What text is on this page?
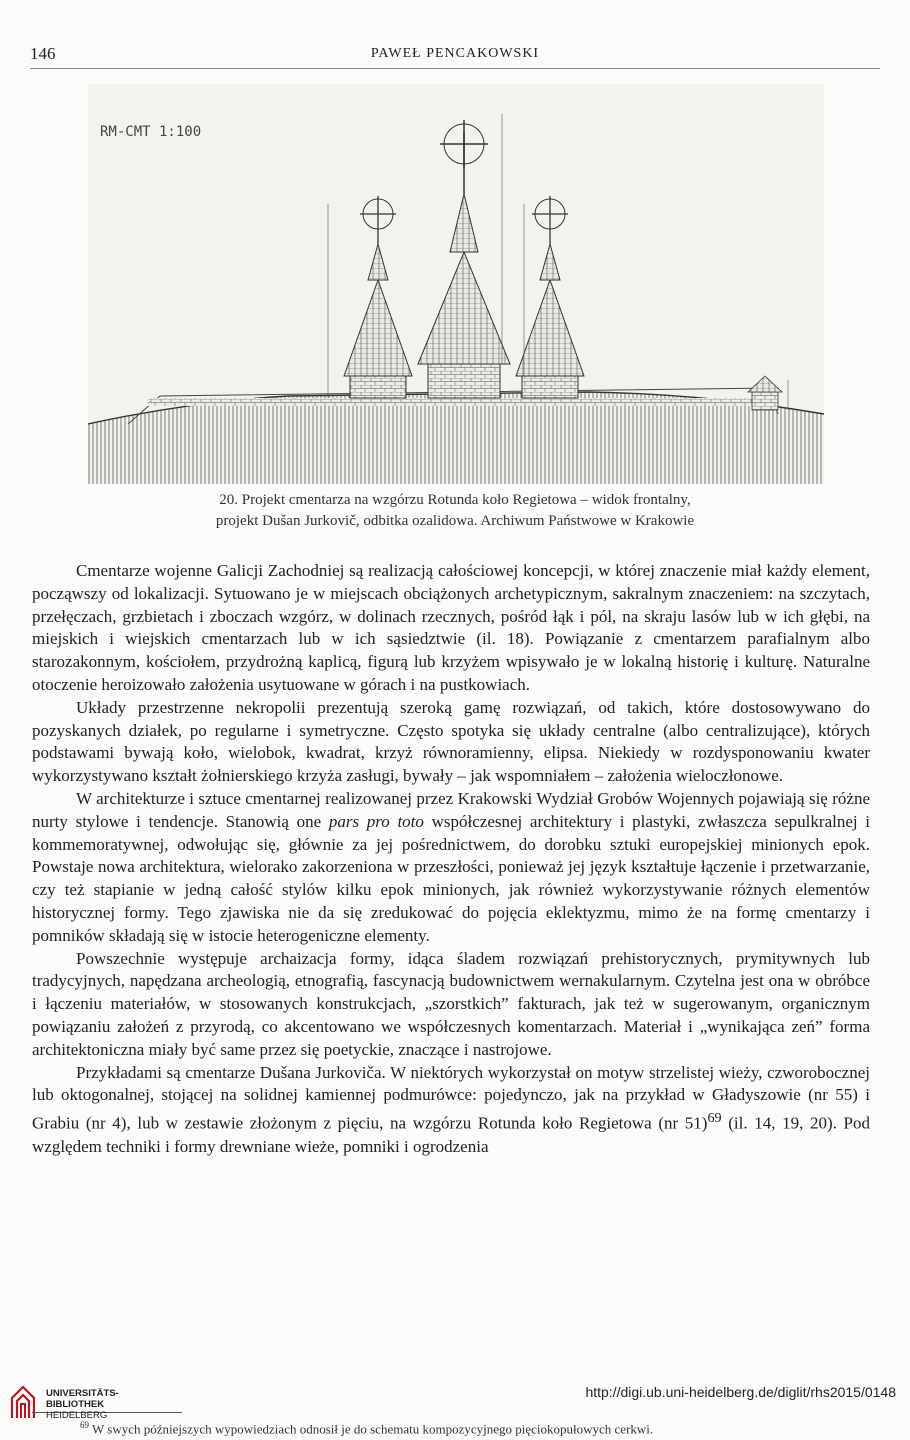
146	PAWEŁ PENCAKOWSKI
RM-CMT 1:100
20. Projekt cmentarza na wzgórzu Rotunda koło Regietowa – widok frontalny,
projekt Dušan Jurkovič, odbitka ozalidowa. Archiwum Państwowe w Krakowie

Cmentarze wojenne Galicji Zachodniej są realizacją całościowej koncepcji, w której znaczenie miał każdy element, począwszy od lokalizacji. Sytuowano je w miejscach obciążonych archetypicznym, sakralnym znaczeniem: na szczytach, przełęczach, grzbietach i zboczach wzgórz, w dolinach rzecznych, pośród łąk i pól, na skraju lasów lub w ich głębi, na miejskich i wiejskich cmentarzach lub w ich sąsiedztwie (il. 18). Powiązanie z cmentarzem parafialnym albo starozakonnym, kościołem, przydrożną kaplicą, figurą lub krzyżem wpisywało je w lokalną historię i kulturę. Naturalne otoczenie heroizowało założenia usytuowane w górach i na pustkowiach.

Układy przestrzenne nekropolii prezentują szeroką gamę rozwiązań, od takich, które dostosowywano do pozyskanych działek, po regularne i symetryczne. Często spotyka się układy centralne (albo centralizujące), których podstawami bywają koło, wielobok, kwadrat, krzyż równoramienny, elipsa. Niekiedy w rozdysponowaniu kwater wykorzystywano kształt żołnierskiego krzyża zasługi, bywały – jak wspomniałem – założenia wieloczłonowe.

W architekturze i sztuce cmentarnej realizowanej przez Krakowski Wydział Grobów Wojennych pojawiają się różne nurty stylowe i tendencje. Stanowią one pars pro toto współczesnej architektury i plastyki, zwłaszcza sepulkralnej i kommemoratywnej, odwołując się, głównie za jej pośrednictwem, do dorobku sztuki europejskiej minionych epok. Powstaje nowa architektura, wielorako zakorzeniona w przeszłości, ponieważ jej język kształtuje łączenie i przetwarzanie, czy też stapianie w jedną całość stylów kilku epok minionych, jak również wykorzystywanie różnych elementów historycznej formy. Tego zjawiska nie da się zredukować do pojęcia eklektyzmu, mimo że na formę cmentarzy i pomników składają się w istocie heterogeniczne elementy.

Powszechnie występuje archaizacja formy, idąca śladem rozwiązań prehistorycznych, prymitywnych lub tradycyjnych, napędzana archeologią, etnografią, fascynacją budownictwem wernakularnym. Czytelna jest ona w obróbce i łączeniu materiałów, w stosowanych konstrukcjach, „szorstkich” fakturach, jak też w sugerowanym, organicznym powiązaniu założeń z przyrodą, co akcentowano we współczesnych komentarzach. Materiał i „wynikająca zeń” forma architektoniczna miały być same przez się poetyckie, znaczące i nastrojowe.

Przykładami są cmentarze Dušana Jurkoviča. W niektórych wykorzystał on motyw strzelistej wieży, czworobocznej lub oktogonalnej, stojącej na solidnej kamiennej podmurówce: pojedynczo, jak na przykład w Gładyszowie (nr 55) i Grabiu (nr 4), lub w zestawie złożonym z pięciu, na wzgórzu Rotunda koło Regietowa (nr 51)$^{69}$ (il. 14, 19, 20). Pod względem techniki i formy drewniane wieże, pomniki i ogrodzenia

$^{69}$ W swych późniejszych wypowiedziach odnosił je do schematu kompozycyjnego pięciokopułowych cerkwi.
UNIVERSITÄTS-
BIBLIOTHEK
HEIDELBERG
http://digi.ub.uni-heidelberg.de/diglit/rhs2015/0148
